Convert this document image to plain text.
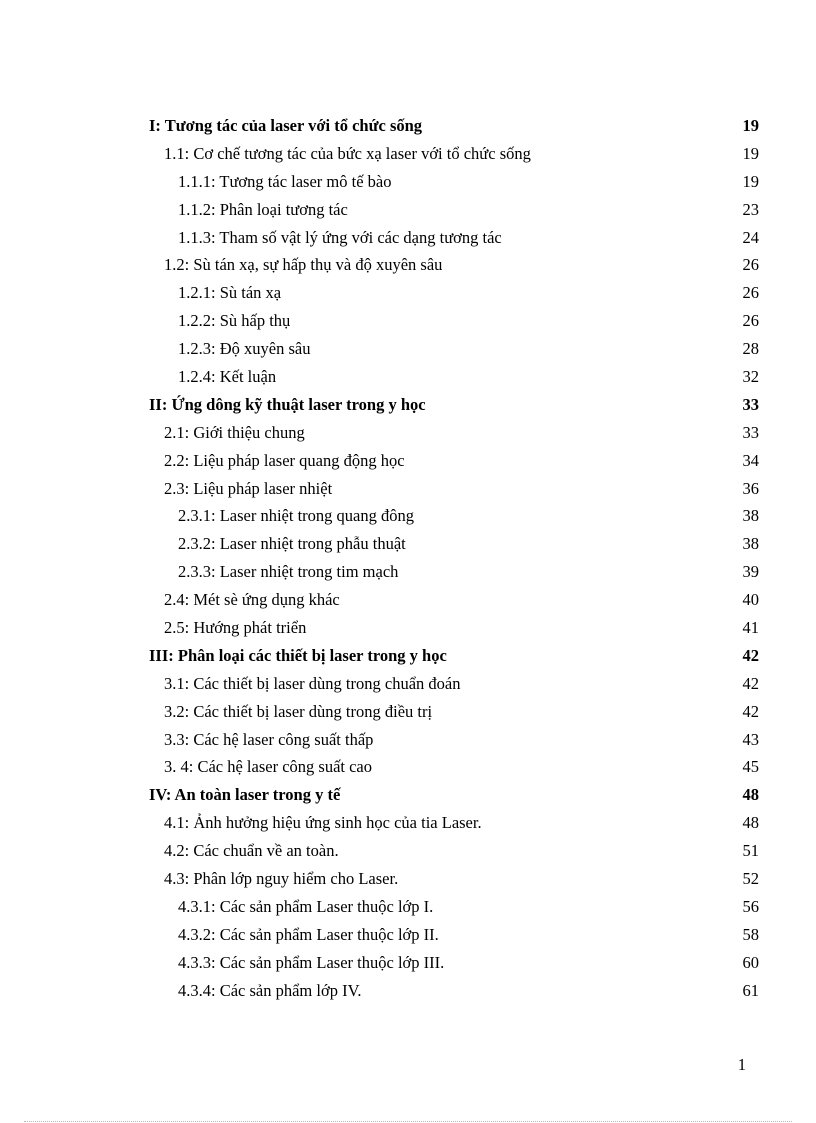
I: Tương tác của laser với tổ chức sống	19
1.1: Cơ chế tương tác của bức xạ laser với tổ chức sống	19
1.1.1: Tương tác laser mô tế bào	19
1.1.2: Phân loại tương tác	23
1.1.3: Tham số vật lý ứng với các dạng tương tác	24
1.2: Sù tán xạ, sự hấp thụ và độ xuyên sâu	26
1.2.1: Sù tán xạ	26
1.2.2: Sù hấp thụ	26
1.2.3: Độ xuyên sâu	28
1.2.4: Kết luận	32
II: Ứng dông kỹ thuật laser trong y học	33
2.1: Giới thiệu chung	33
2.2: Liệu pháp laser quang động học	34
2.3: Liệu pháp laser nhiệt	36
2.3.1: Laser nhiệt trong quang đông	38
2.3.2: Laser nhiệt trong phẫu thuật	38
2.3.3: Laser nhiệt trong tim mạch	39
2.4: Mét sè ứng dụng khác	40
2.5: Hướng phát triển	41
III: Phân loại các thiết bị laser trong y học	42
3.1: Các thiết bị laser dùng trong chuẩn đoán	42
3.2: Các thiết bị laser dùng trong điều trị	42
3.3: Các hệ laser công suất thấp	43
3. 4: Các hệ laser công suất cao	45
IV: An toàn laser trong y tế	48
4.1: Ảnh hưởng hiệu ứng sinh học của tia Laser.	48
4.2: Các chuẩn về an toàn.	51
4.3: Phân lớp nguy hiểm cho Laser.	52
4.3.1: Các sản phẩm Laser thuộc lớp I.	56
4.3.2: Các sản phẩm Laser thuộc lớp II.	58
4.3.3: Các sản phẩm Laser thuộc lớp III.	60
4.3.4: Các sản phẩm lớp IV.	61
1
